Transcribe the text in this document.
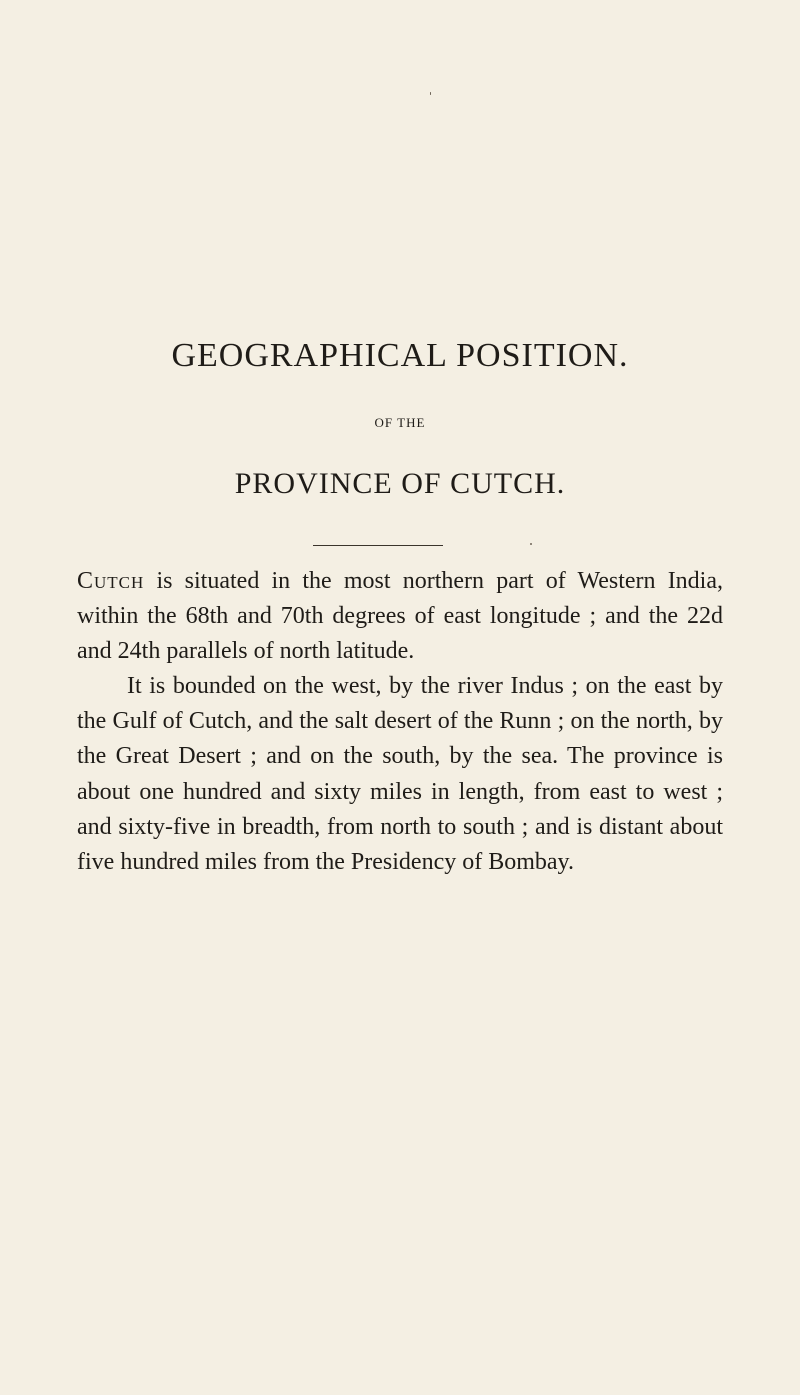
GEOGRAPHICAL POSITION.
OF THE
PROVINCE OF CUTCH.

Cutch is situated in the most northern part of Western India, within the 68th and 70th degrees of east longitude ; and the 22d and 24th parallels of north latitude.

It is bounded on the west, by the river Indus ; on the east by the Gulf of Cutch, and the salt desert of the Runn ; on the north, by the Great Desert ; and on the south, by the sea. The province is about one hundred and sixty miles in length, from east to west ; and sixty-five in breadth, from north to south ; and is distant about five hundred miles from the Presidency of Bombay.
